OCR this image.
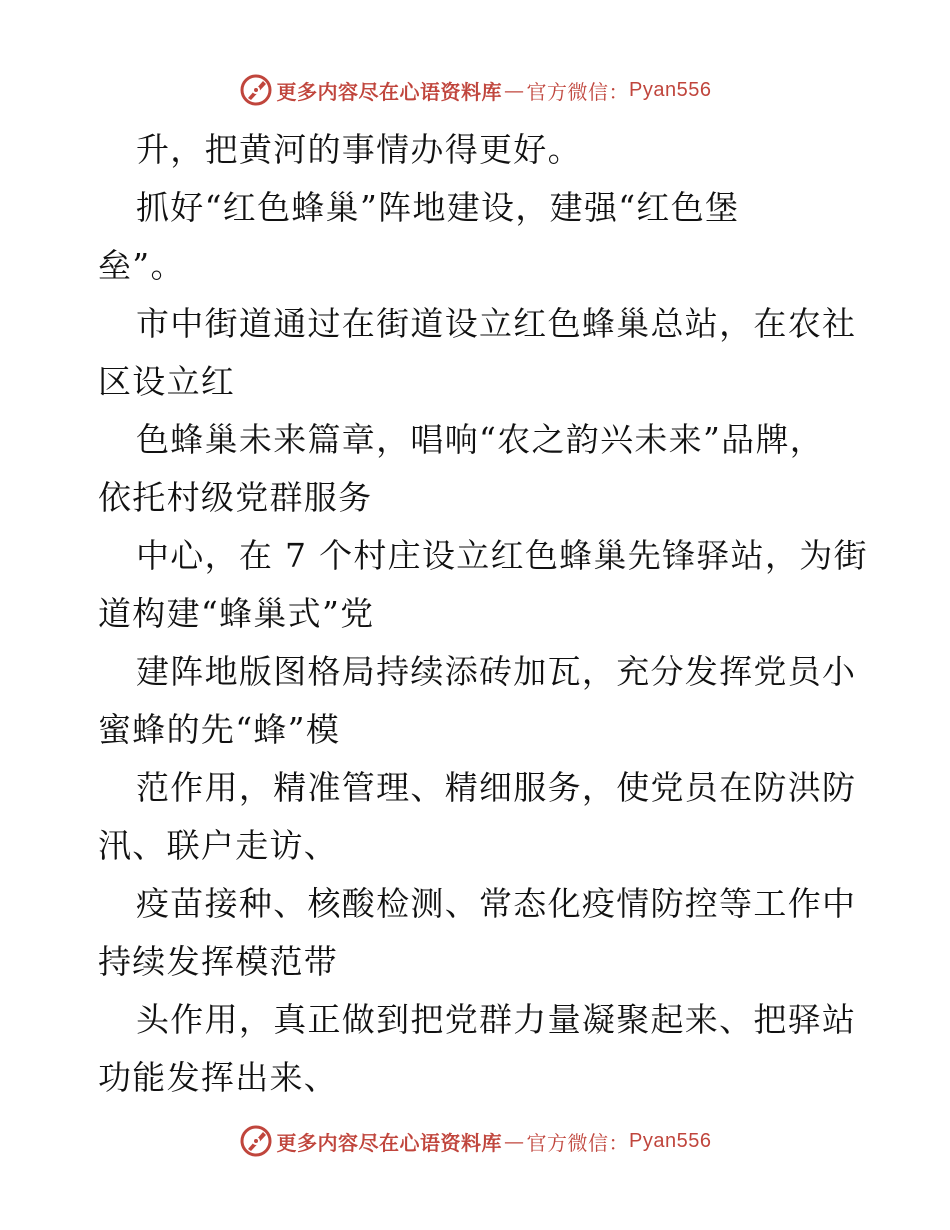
更多内容尽在心语资料库 — 官方微信： Pyan556
升，把黄河的事情办得更好。
抓好“红色蜂巢”阵地建设，建强“红色堡
垒”。
市中街道通过在街道设立红色蜂巢总站，在农社
区设立红
色蜂巢未来篇章，唱响“农之韵兴未来”品牌，
依托村级党群服务
中心，在 7 个村庄设立红色蜂巢先锋驿站，为街
道构建“蜂巢式”党
建阵地版图格局持续添砖加瓦，充分发挥党员小
蜜蜂的先“蜂”模
范作用，精准管理、精细服务，使党员在防洪防
汛、联户走访、
疫苗接种、核酸检测、常态化疫情防控等工作中
持续发挥模范带
头作用，真正做到把党群力量凝聚起来、把驿站
功能发挥出来、
更多内容尽在心语资料库 — 官方微信： Pyan556
